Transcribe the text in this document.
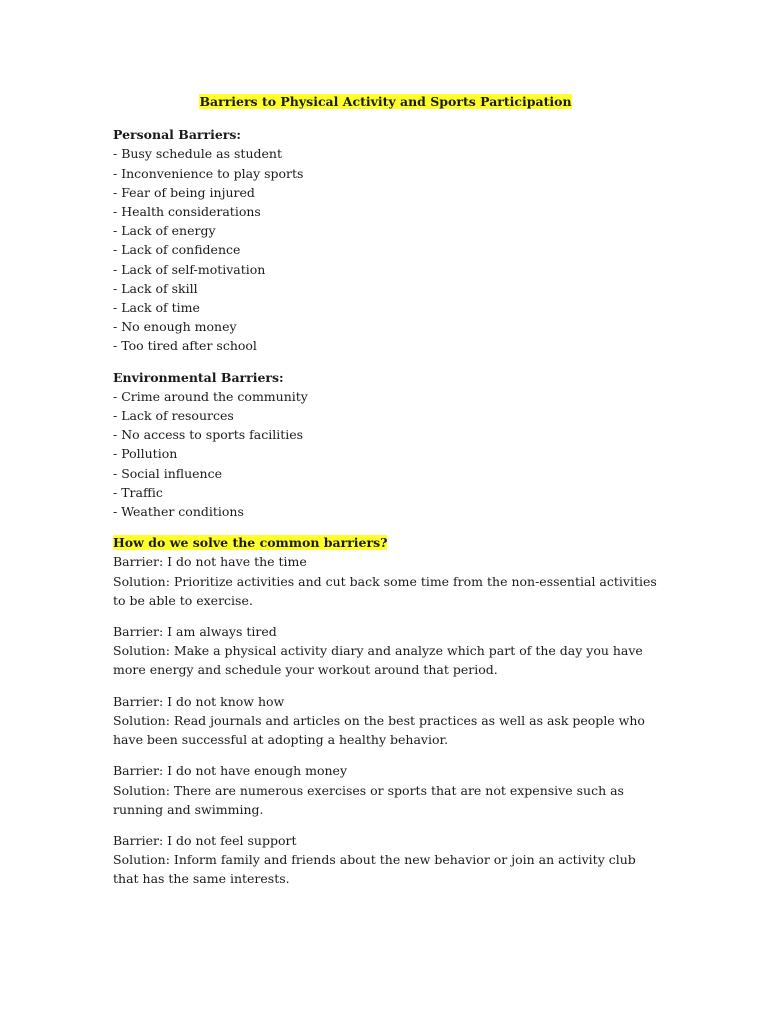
Barriers to Physical Activity and Sports Participation
Personal Barriers:
- Busy schedule as student
- Inconvenience to play sports
- Fear of being injured
- Health considerations
- Lack of energy
- Lack of confidence
- Lack of self-motivation
- Lack of skill
- Lack of time
- No enough money
- Too tired after school
Environmental Barriers:
- Crime around the community
- Lack of resources
- No access to sports facilities
- Pollution
- Social influence
- Traffic
- Weather conditions
How do we solve the common barriers?
Barrier: I do not have the time
Solution: Prioritize activities and cut back some time from the non-essential activities to be able to exercise.
Barrier: I am always tired
Solution: Make a physical activity diary and analyze which part of the day you have more energy and schedule your workout around that period.
Barrier: I do not know how
Solution: Read journals and articles on the best practices as well as ask people who have been successful at adopting a healthy behavior.
Barrier: I do not have enough money
Solution: There are numerous exercises or sports that are not expensive such as running and swimming.
Barrier: I do not feel support
Solution: Inform family and friends about the new behavior or join an activity club that has the same interests.
